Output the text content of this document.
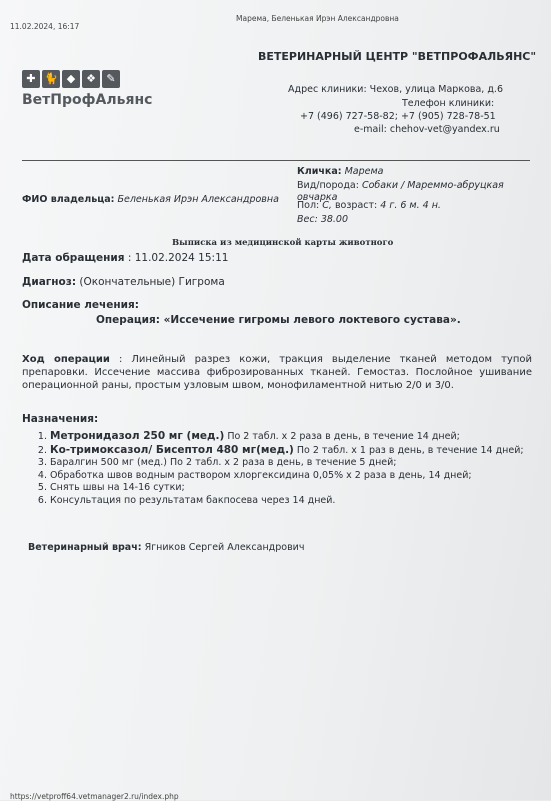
11.02.2024, 16:17
Марема, Беленькая Ирэн Александровна
✚ 🐈 ◆ ❖ ✎
ВетПрофАльянс
ВЕТЕРИНАРНЫЙ ЦЕНТР "ВЕТПРОФАЛЬЯНС"
Адрес клиники: Чехов, улица Маркова, д.6
Телефон клиники:
+7 (496) 727-58-82; +7 (905) 728-78-51
e-mail: chehov-vet@yandex.ru
Кличка: Марема
Вид/порода: Собаки / Мареммо-абруцкая
овчарка
Пол: С, возраст: 4 г. 6 м. 4 н.
Вес: 38.00
ФИО владельца: Беленькая Ирэн Александровна
Выписка из медицинской карты животного
Дата обращения : 11.02.2024 15:11
Диагноз: (Окончательные) Гигрома
Описание лечения:
Операция: «Иссечение гигромы левого локтевого сустава».
Ход операции : Линейный разрез кожи, тракция выделение тканей методом тупой препаровки. Иссечение массива фиброзированных тканей. Гемостаз. Послойное ушивание операционной раны, простым узловым швом, монофиламентной нитью 2/0 и 3/0.
Назначения:
1. Метронидазол 250 мг (мед.) По 2 табл. х 2 раза в день, в течение 14 дней;
2. Ко-тримоксазол/ Бисептол 480 мг(мед.) По 2 табл. х 1 раз в день, в течение 14 дней;
3. Баралгин 500 мг (мед.) По 2 табл. х 2 раза в день, в течение 5 дней;
4. Обработка швов водным раствором хлоргексидина 0,05% х 2 раза в день, 14 дней;
5. Снять швы на 14-16 сутки;
6. Консультация по результатам бакпосева через 14 дней.
Ветеринарный врач: Ягников Сергей Александрович
https://vetproff64.vetmanager2.ru/index.php
